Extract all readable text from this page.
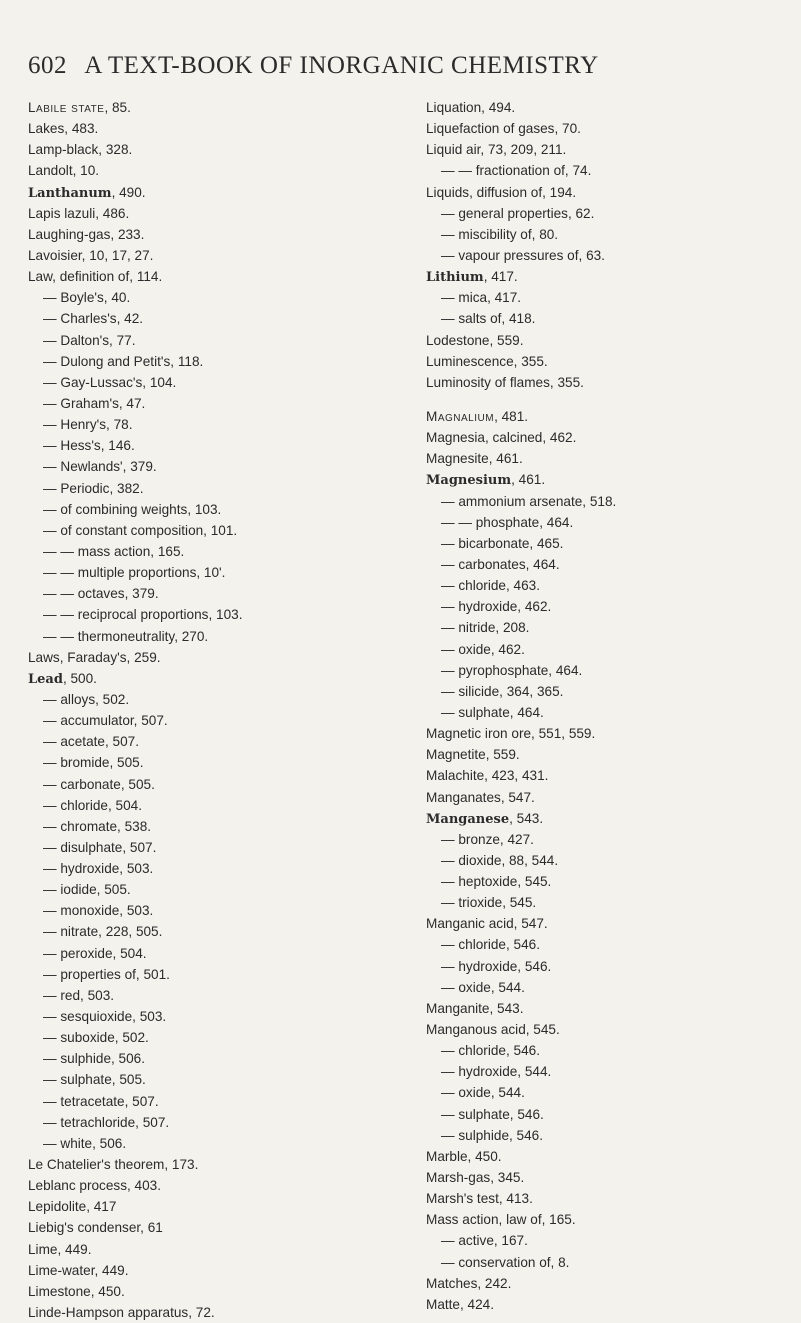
602 A TEXT-BOOK OF INORGANIC CHEMISTRY
Labile state, 85.
Lakes, 483.
Lamp-black, 328.
Landolt, 10.
Lanthanum, 490.
Lapis lazuli, 486.
Laughing-gas, 233.
Lavoisier, 10, 17, 27.
Law, definition of, 114.
— Boyle's, 40.
— Charles's, 42.
— Dalton's, 77.
— Dulong and Petit's, 118.
— Gay-Lussac's, 104.
— Graham's, 47.
— Henry's, 78.
— Hess's, 146.
— Newlands', 379.
— Periodic, 382.
— of combining weights, 103.
— of constant composition, 101.
— — mass action, 165.
— — multiple proportions, 10'.
— — octaves, 379.
— — reciprocal proportions, 103.
— — thermoneutrality, 270.
Laws, Faraday's, 259.
Lead, 500.
— alloys, 502.
— accumulator, 507.
— acetate, 507.
— bromide, 505.
— carbonate, 505.
— chloride, 504.
— chromate, 538.
— disulphate, 507.
— hydroxide, 503.
— iodide, 505.
— monoxide, 503.
— nitrate, 228, 505.
— peroxide, 504.
— properties of, 501.
— red, 503.
— sesquioxide, 503.
— suboxide, 502.
— sulphide, 506.
— sulphate, 505.
— tetracetate, 507.
— tetrachloride, 507.
— white, 506.
Le Chatelier's theorem, 173.
Leblanc process, 403.
Lepidolite, 417
Liebig's condenser, 61
Lime, 449.
Lime-water, 449.
Limestone, 450.
Linde-Hampson apparatus, 72.
Liquation, 494.
Liquefaction of gases, 70.
Liquid air, 73, 209, 211.
— — fractionation of, 74.
Liquids, diffusion of, 194.
— general properties, 62.
— miscibility of, 80.
— vapour pressures of, 63.
Lithium, 417.
— mica, 417.
— salts of, 418.
Lodestone, 559.
Luminescence, 355.
Luminosity of flames, 355.
Magnalium, 481.
Magnesia, calcined, 462.
Magnesite, 461.
Magnesium, 461.
— ammonium arsenate, 518.
— — phosphate, 464.
— bicarbonate, 465.
— carbonates, 464.
— chloride, 463.
— hydroxide, 462.
— nitride, 208.
— oxide, 462.
— pyrophosphate, 464.
— silicide, 364, 365.
— sulphate, 464.
Magnetic iron ore, 551, 559.
Magnetite, 559.
Malachite, 423, 431.
Manganates, 547.
Manganese, 543.
— bronze, 427.
— dioxide, 88, 544.
— heptoxide, 545.
— trioxide, 545.
Manganic acid, 547.
— chloride, 546.
— hydroxide, 546.
— oxide, 544.
Manganite, 543.
Manganous acid, 545.
— chloride, 546.
— hydroxide, 544.
— oxide, 544.
— sulphate, 546.
— sulphide, 546.
Marble, 450.
Marsh-gas, 345.
Marsh's test, 413.
Mass action, law of, 165.
— active, 167.
— conservation of, 8.
Matches, 242.
Matte, 424.
